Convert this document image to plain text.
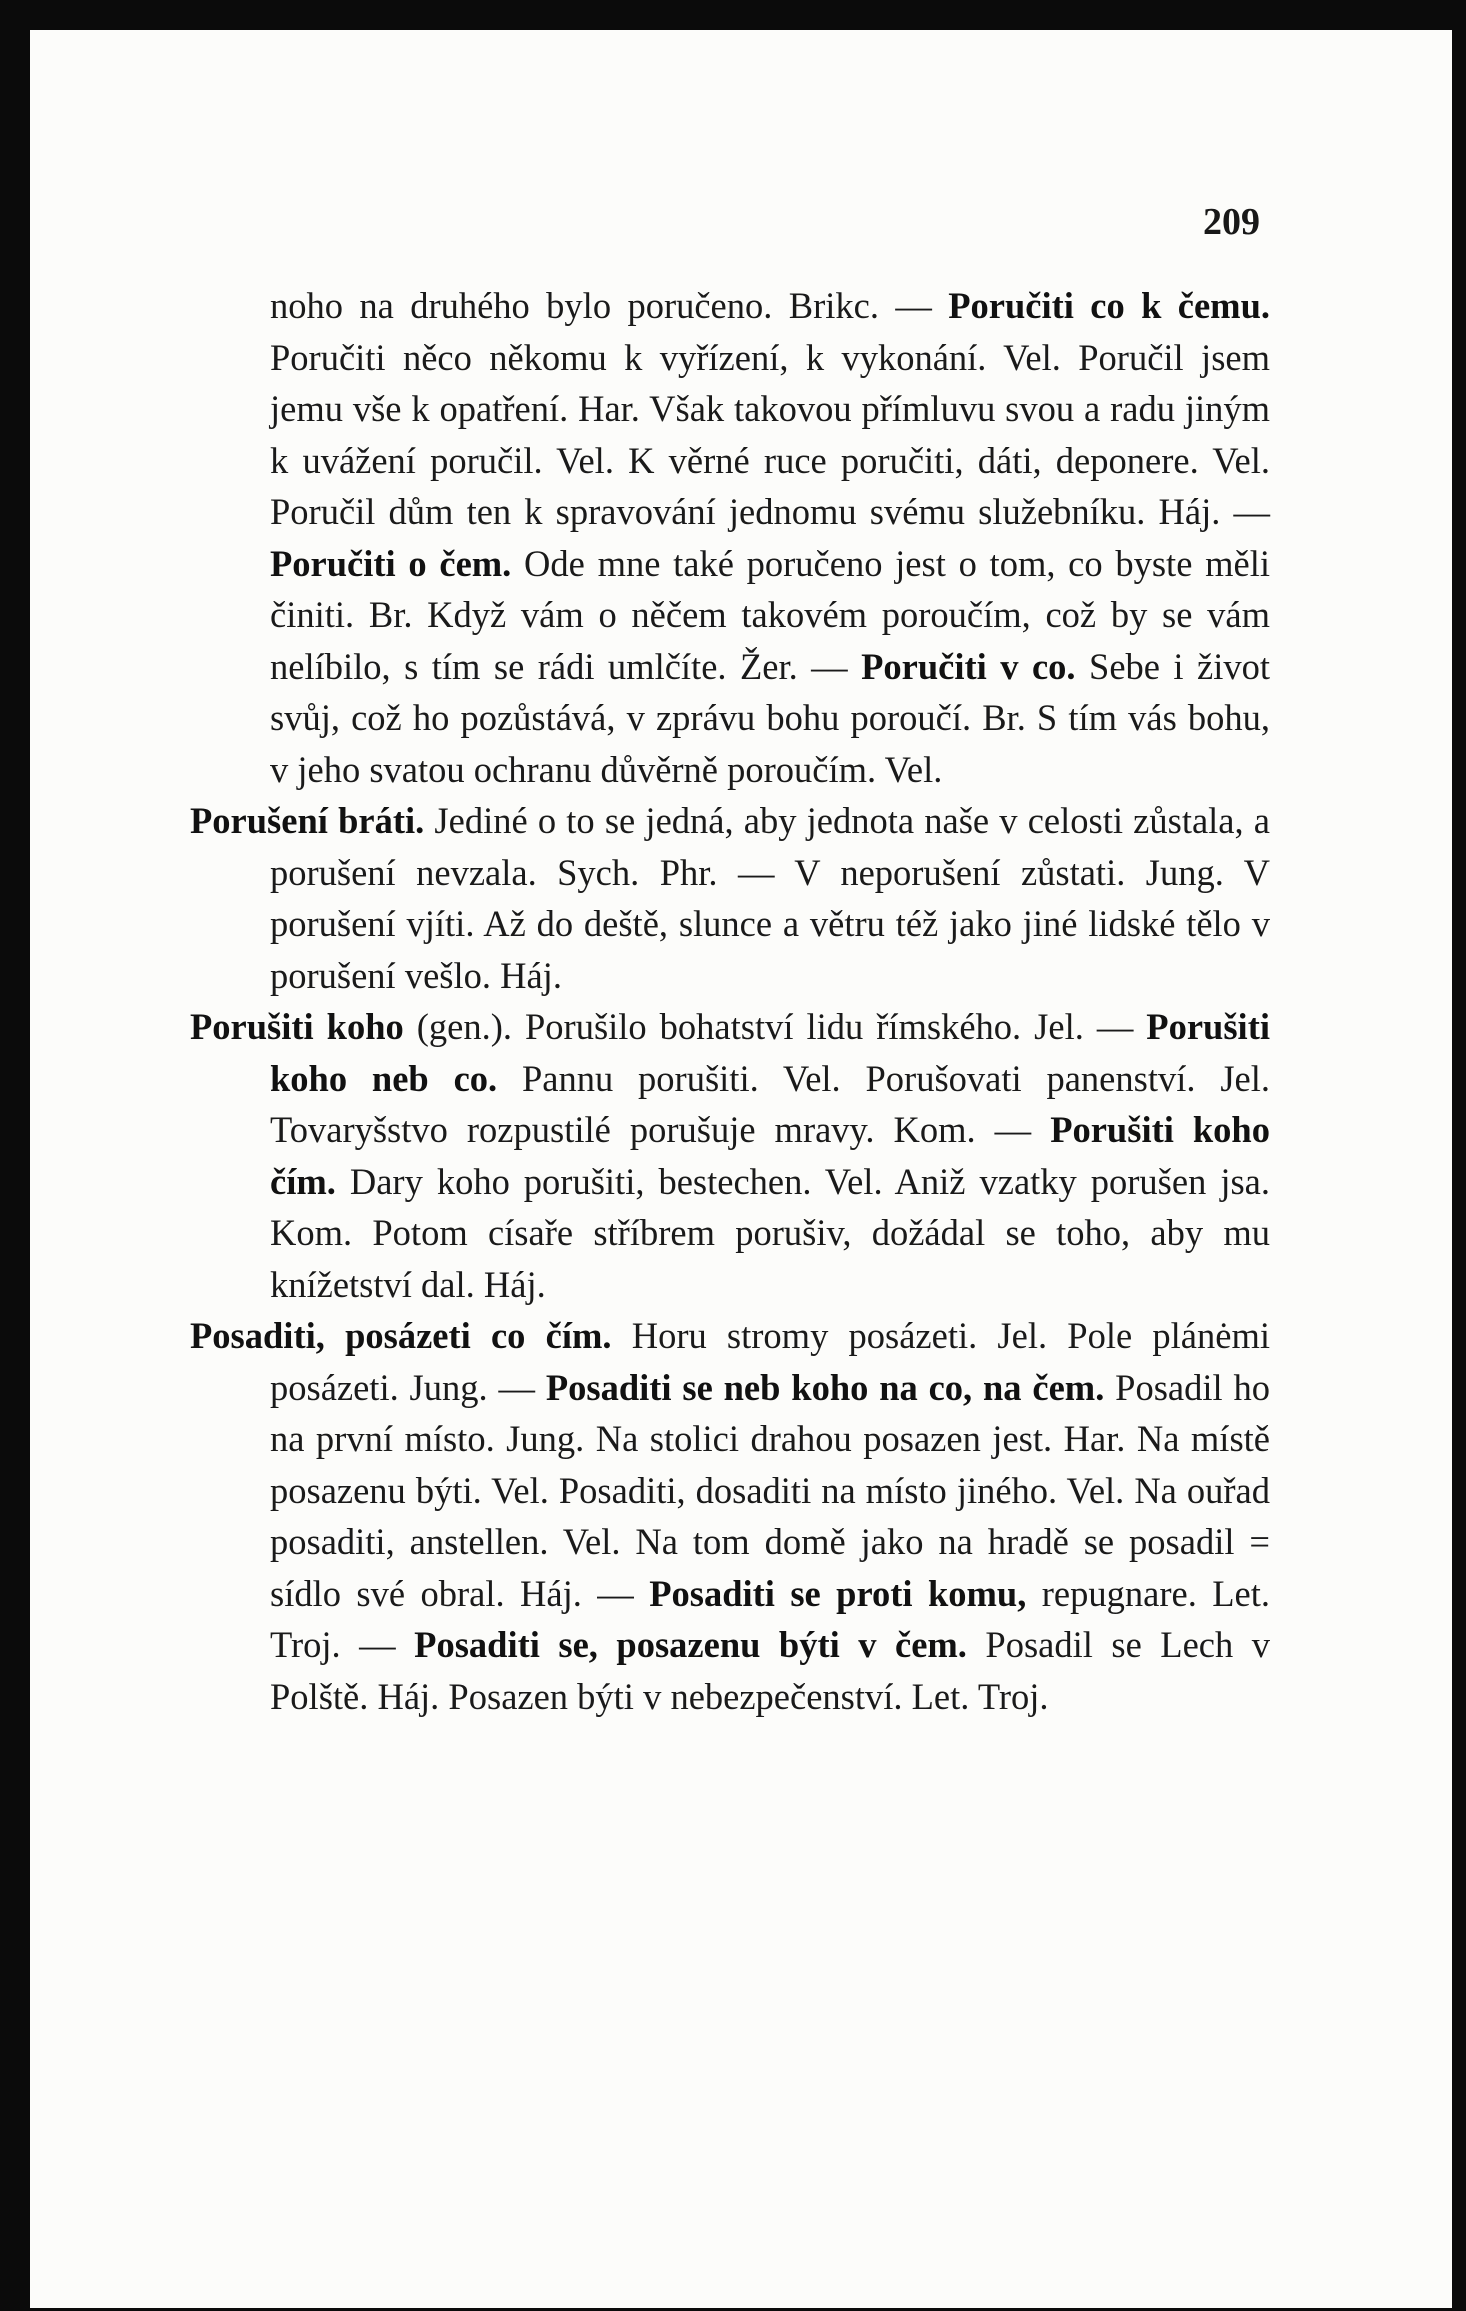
209

noho na druhého bylo poručeno. Brikc. — Poručiti co k čemu. Poručiti něco někomu k vyřízení, k vykonání. Vel. Poručil jsem jemu vše k opatření. Har. Však takovou přímluvu svou a radu jiným k uvážení poručil. Vel. K věrné ruce poručiti, dáti, deponere. Vel. Poručil dům ten k spravování jednomu svému služebníku. Háj. — Poručiti o čem. Ode mne také poručeno jest o tom, co byste měli činiti. Br. Když vám o něčem takovém poroučím, což by se vám nelíbilo, s tím se rádi umlčíte. Žer. — Poručiti v co. Sebe i život svůj, což ho pozůstává, v zprávu bohu poroučí. Br. S tím vás bohu, v jeho svatou ochranu důvěrně poroučím. Vel.

Porušení bráti. Jediné o to se jedná, aby jednota naše v celosti zůstala, a porušení nevzala. Sych. Phr. — V neporušení zůstati. Jung. V porušení vjíti. Až do deště, slunce a větru též jako jiné lidské tělo v porušení vešlo. Háj.

Porušiti koho (gen.). Porušilo bohatství lidu římského. Jel. — Porušiti koho neb co. Pannu porušiti. Vel. Porušovati panenství. Jel. Tovaryšstvo rozpustilé porušuje mravy. Kom. — Porušiti koho čím. Dary koho porušiti, bestechen. Vel. Aniž vzatky porušen jsa. Kom. Potom císaře stříbrem porušiv, dožádal se toho, aby mu knížetství dal. Háj.

Posaditi, posázeti co čím. Horu stromy posázeti. Jel. Pole plánėmi posázeti. Jung. — Posaditi se neb koho na co, na čem. Posadil ho na první místo. Jung. Na stolici drahou posazen jest. Har. Na místě posazenu býti. Vel. Posaditi, dosaditi na místo jiného. Vel. Na ouřad posaditi, anstellen. Vel. Na tom domě jako na hradě se posadil = sídlo své obral. Háj. — Posaditi se proti komu, repugnare. Let. Troj. — Posaditi se, posazenu býti v čem. Posadil se Lech v Polště. Háj. Posazen býti v nebezpečenství. Let. Troj.
